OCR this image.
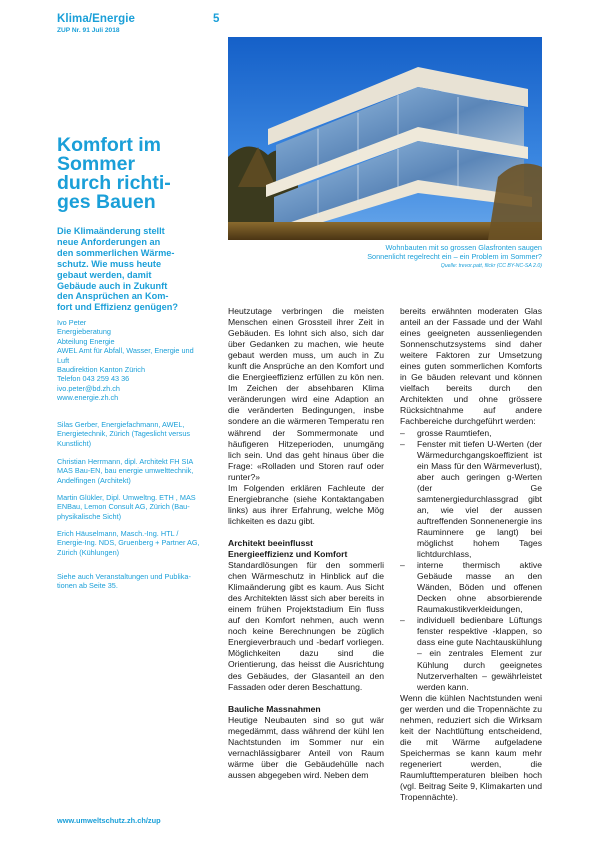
Klima/Energie
ZUP Nr. 91 Juli 2018
5
Wohnbauten mit so grossen Glasfronten saugen
Sonnenlicht regelrecht ein – ein Problem im Sommer?
Quelle: trevor.patt, flickr (CC BY-NC-SA 2.0)
Komfort im
Sommer
durch richti-
ges Bauen
Die Klimaänderung stellt
neue Anforderungen an
den sommerlichen Wärme-
schutz. Wie muss heute
gebaut werden, damit
Gebäude auch in Zukunft
den Ansprüchen an Kom-
fort und Effizienz genügen?
Ivo Peter
Energieberatung
Abteilung Energie
AWEL Amt für Abfall, Wasser, Energie und
Luft
Baudirektion Kanton Zürich
Telefon 043 259 43 36
ivo.peter@bd.zh.ch
www.energie.zh.ch
Silas Gerber, Energiefachmann, AWEL,
Energietechnik, Zürich (Tageslicht versus
Kunstlicht)
Christian Herrmann, dipl. Architekt FH SIA
MAS Bau-EN, bau energie umwelttechnik,
Andelfingen (Architekt)
Martin Glükler, Dipl. Umweltng. ETH , MAS
ENBau, Lemon Consult AG, Zürich (Bau-
physikalische Sicht)
Erich Häuselmann, Masch.-Ing. HTL /
Energie-Ing. NDS, Gruenberg + Partner AG,
Zürich (Kühlungen)
Siehe auch Veranstaltungen und Publika-
tionen ab Seite 35.

Heutzutage verbringen die meisten Menschen einen Grossteil ihrer Zeit in Gebäuden. Es lohnt sich also, sich dar über Gedanken zu machen, wie heute gebaut werden muss, um auch in Zu kunft die Ansprüche an den Komfort und die Energieeffizienz erfüllen zu kön nen. Im Zeichen der absehbaren Klima veränderungen wird eine Adaption an die veränderten Bedingungen, insbe sondere an die wärmeren Temperatu ren während der Sommermonate und häufigeren Hitzeperioden, unumgäng lich sein. Und das geht hinaus über die Frage: «Rolladen und Storen rauf oder runter?»

Im Folgenden erklären Fachleute der Energiebranche (siehe Kontaktangaben links) aus ihrer Erfahrung, welche Mög lichkeiten es dazu gibt.

Architekt beeinflusst
Energieeffizienz und Komfort

Standardlösungen für den sommerli chen Wärmeschutz in Hinblick auf die Klimaänderung gibt es kaum. Aus Sicht des Architekten lässt sich aber bereits in einem frühen Projektstadium Ein fluss auf den Komfort nehmen, auch wenn noch keine Berechnungen be züglich Energieverbrauch und -bedarf vorliegen. Möglichkeiten dazu sind die Orientierung, das heisst die Ausrichtung des Gebäudes, der Glasanteil an den Fassaden oder deren Beschattung.

Bauliche Massnahmen

Heutige Neubauten sind so gut wär megedämmt, dass während der kühl len Nachtstunden im Sommer nur ein vernachlässigbarer Anteil von Raum wärme über die Gebäudehülle nach aussen abgegeben wird. Neben dem

bereits erwähnten moderaten Glas anteil an der Fassade und der Wahl eines geeigneten aussenliegenden Sonnenschutzsystems sind daher weitere Faktoren zur Umsetzung eines guten sommerlichen Komforts in Ge bäuden relevant und können vielfach bereits durch den Architekten und ohne grössere Rücksichtnahme auf andere Fachbereiche durchgeführt werden:

– grosse Raumtiefen,
– Fenster mit tiefen U-Werten (der Wärmedurchgangskoeffizient ist ein Mass für den Wärmeverlust), aber auch geringen g-Werten (der Ge samtenergiedurchlassgrad gibt an, wie viel der aussen auftreffenden Sonnenenergie ins Rauminnere ge langt) bei möglichst hohem Tages lichtdurchlass,
– interne thermisch aktive Gebäude masse an den Wänden, Böden und offenen Decken ohne absorbierende Raumakustikverkleidungen,
– individuell bedienbare Lüftungs fenster respektive -klappen, so dass eine gute Nachtauskühlung – ein zentrales Element zur Kühlung durch geeignetes Nutzerverhalten – gewährleistet werden kann.

Wenn die kühlen Nachtstunden weni ger werden und die Tropennächte zu nehmen, reduziert sich die Wirksam keit der Nachtlüftung entscheidend, die mit Wärme aufgeladene Speichermas se kann kaum mehr regeneriert werden, die Raumlufttemperaturen bleiben hoch (vgl. Beitrag Seite 9, Klimakarten und Tropennächte).

www.umweltschutz.zh.ch/zup
